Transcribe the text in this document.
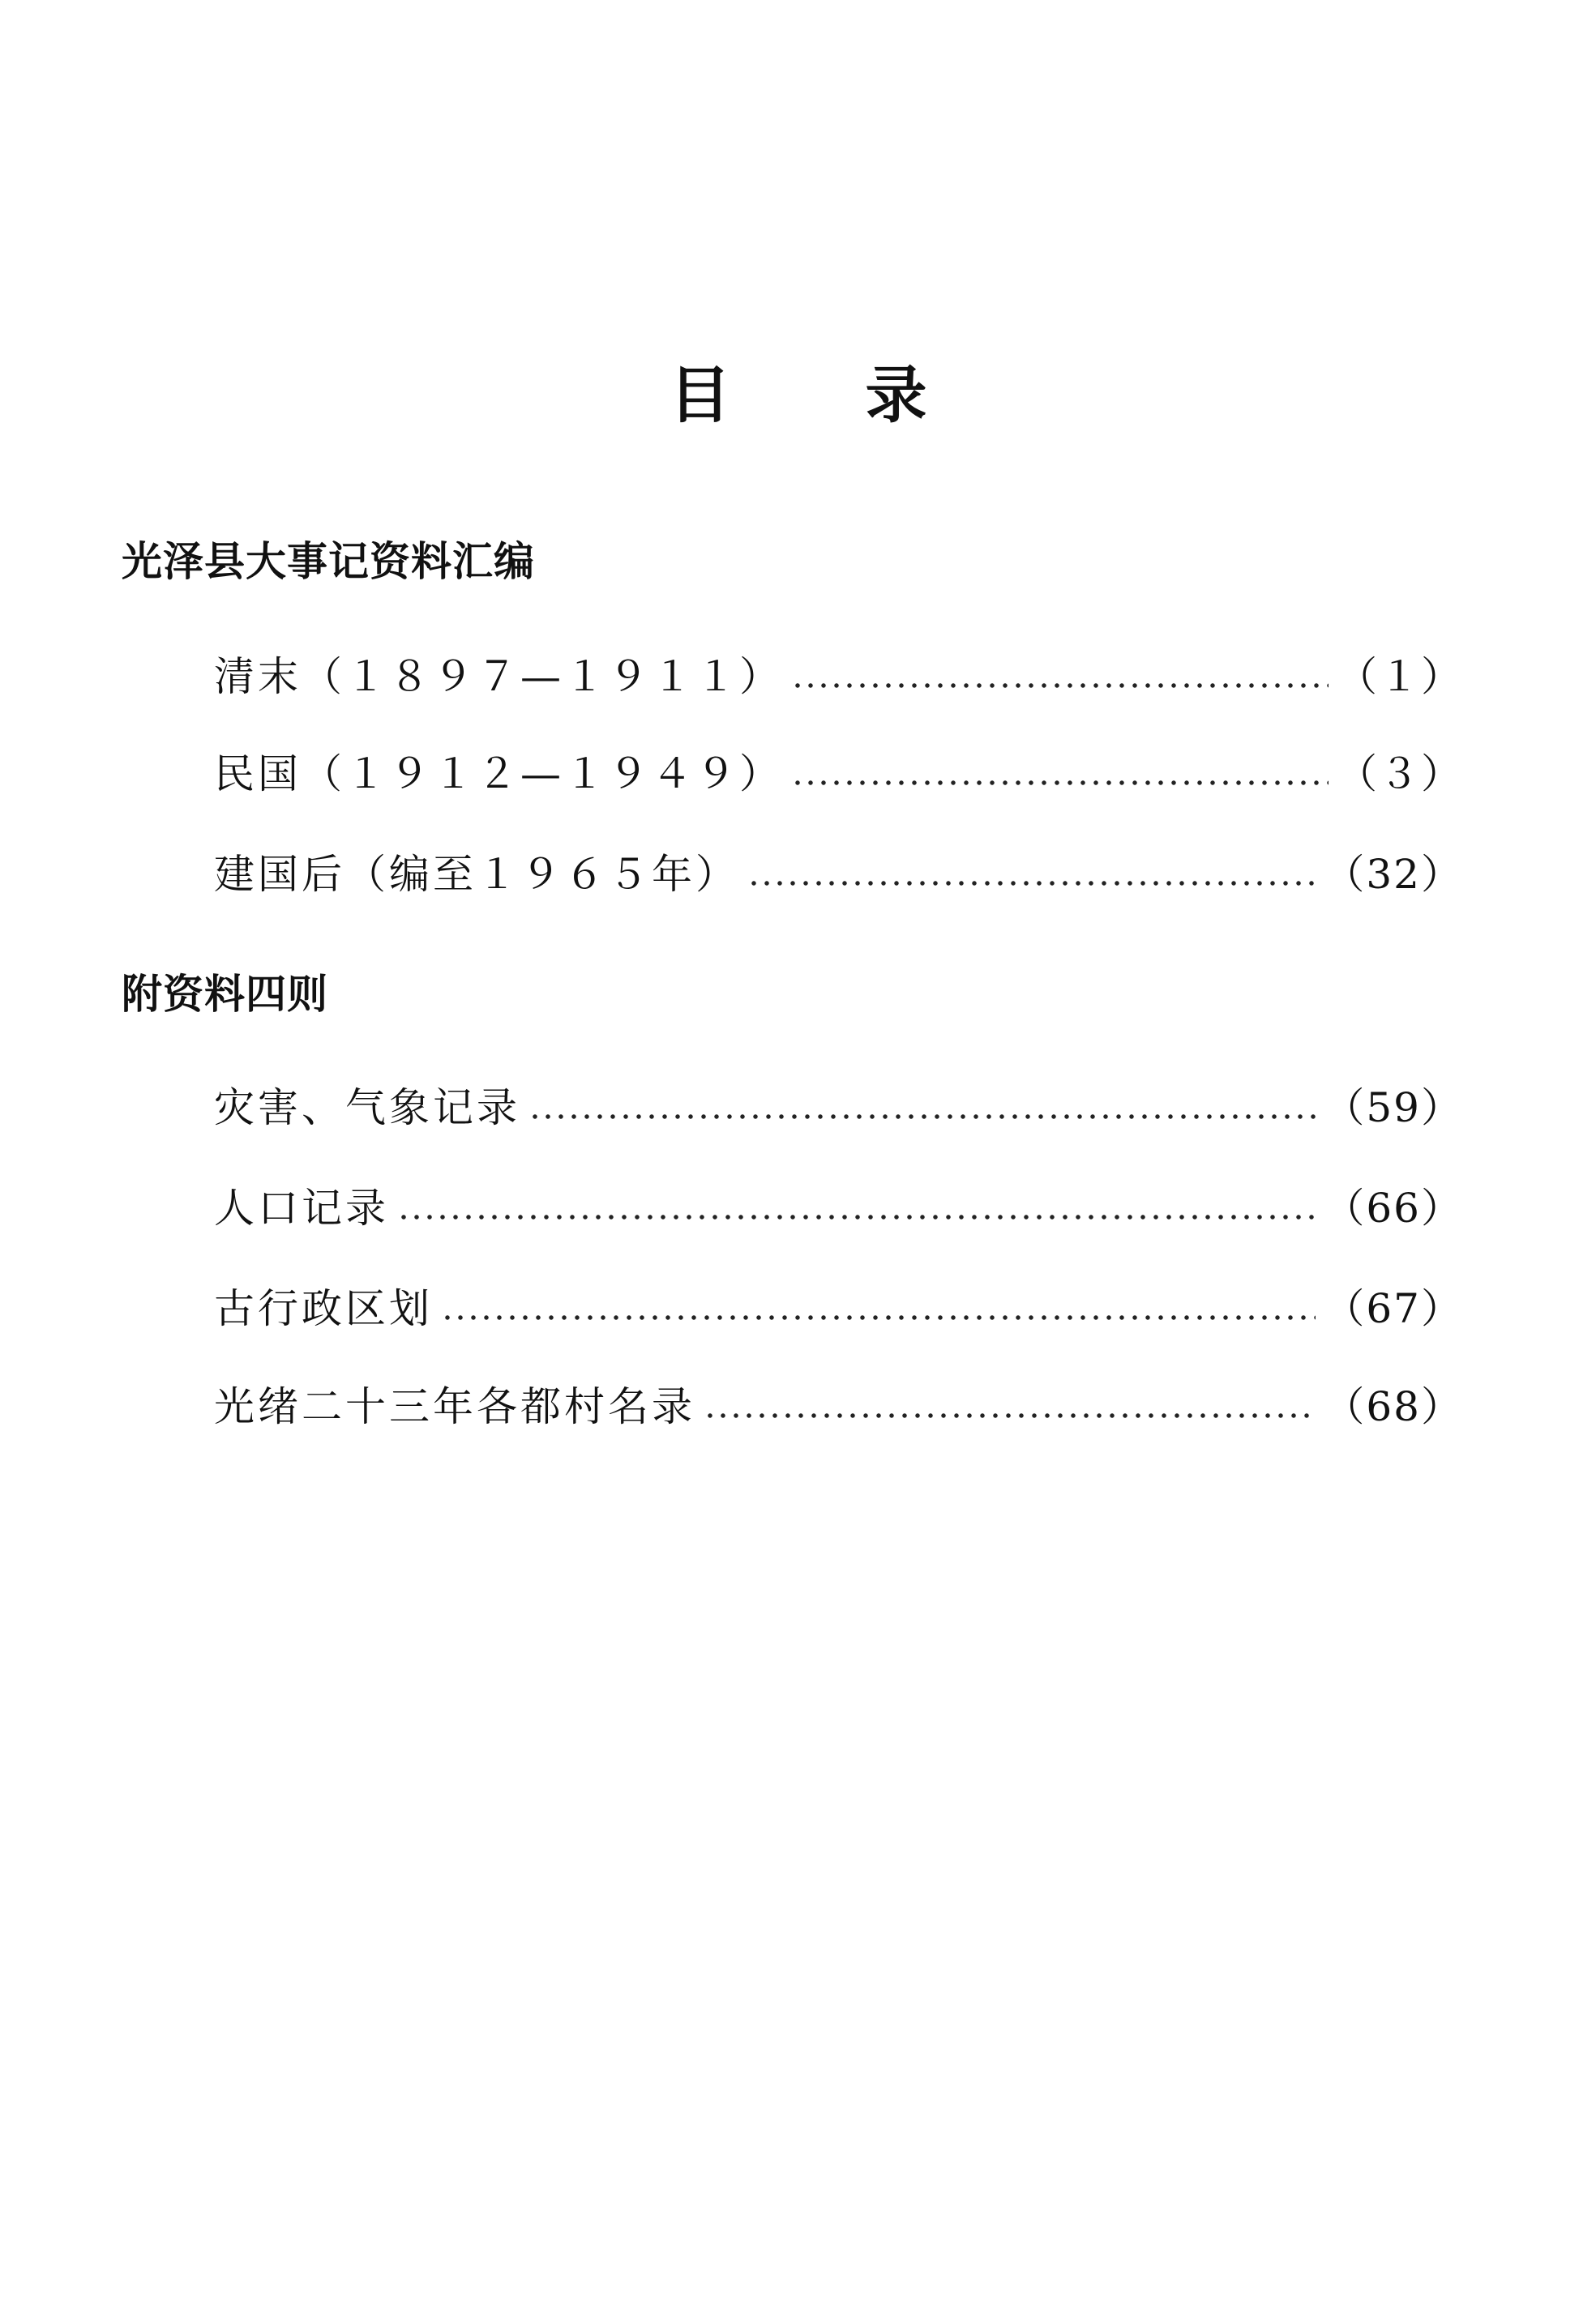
目录
光泽县大事记资料汇编
清末（１８９７—１９１１）	（１）
民国（１９１２—１９４９）	（３）
建国后（编至１９６５年）	（32）
附资料四则
灾害、气象记录	（59）
人口记录	（66）
古行政区划	（67）
光绪二十三年各都村名录	（68）
